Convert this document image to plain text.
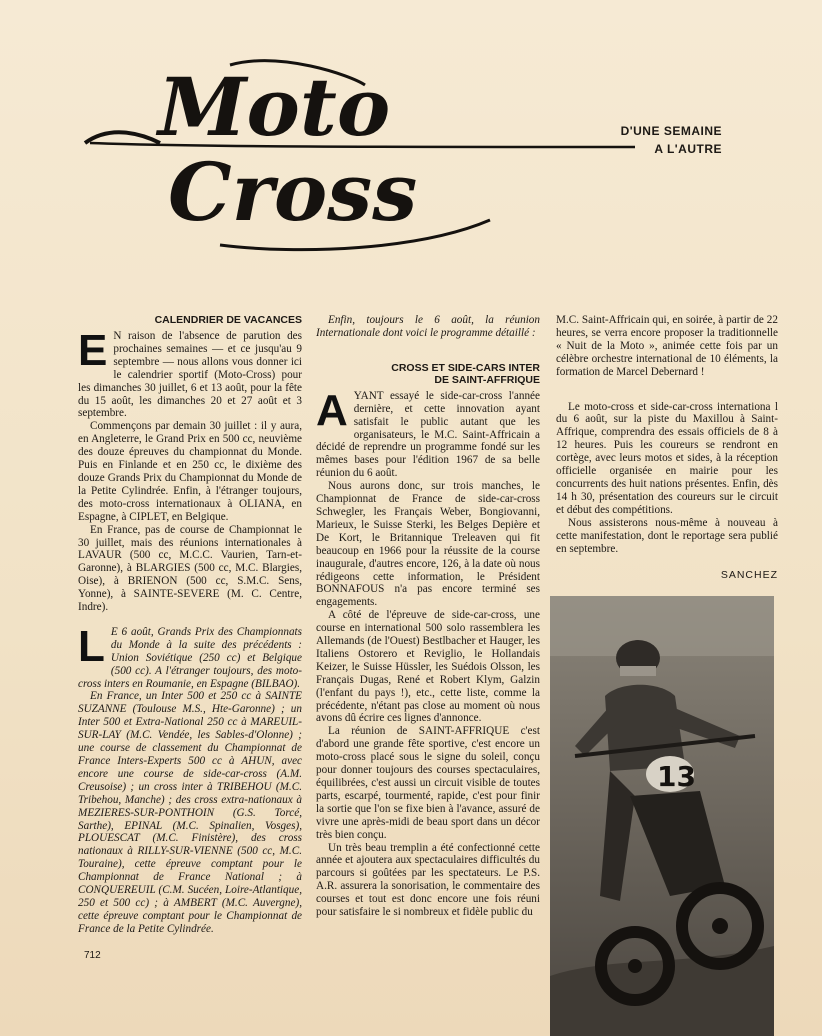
Moto
Cross
D'UNE SEMAINE
A L'AUTRE
CALENDRIER DE VACANCES

E N raison de l'absence de parution des prochaines semaines — et ce jusqu'au 9 septembre — nous allons vous donner ici le calendrier sportif (Moto-Cross) pour les dimanches 30 juillet, 6 et 13 août, pour la fête du 15 août, les dimanches 20 et 27 août et 3 septembre.

Commençons par demain 30 juillet : il y aura, en Angleterre, le Grand Prix en 500 cc, neuvième des douze épreuves du championnat du Monde. Puis en Finlande et en 250 cc, le dixième des douze Grands Prix du Championnat du Monde de la Petite Cylindrée. Enfin, à l'étranger toujours, des moto-cross internationaux à OLIANA, en Espagne, à CIPLET, en Belgique.

En France, pas de course de Championnat le 30 juillet, mais des réunions internationales à LAVAUR (500 cc, M.C.C. Vaurien, Tarn-et-Garonne), à BLARGIES (500 cc, M.C. Blargies, Oise), à BRIENON (500 cc, S.M.C. Sens, Yonne), à SAINTE-SEVERE (M. C. Centre, Indre).

L E 6 août, Grands Prix des Championnats du Monde à la suite des précédents : Union Soviétique (250 cc) et Belgique (500 cc). A l'étranger toujours, des moto-cross inters en Roumanie, en Espagne (BILBAO).

En France, un Inter 500 et 250 cc à SAINTE SUZANNE (Toulouse M.S., Hte-Garonne) ; un Inter 500 et Extra-National 250 cc à MAREUIL-SUR-LAY (M.C. Vendée, les Sables-d'Olonne) ; une course de classement du Championnat de France Inters-Experts 500 cc à AHUN, avec encore une course de side-car-cross (A.M. Creusoise) ; un cross inter à TRIBEHOU (M.C. Tribehou, Manche) ; des cross extra-nationaux à MEZIERES-SUR-PONTHOIN (G.S. Torcé, Sarthe), EPINAL (M.C. Spinalien, Vosges), PLOUESCAT (M.C. Finistère), des cross nationaux à RILLY-SUR-VIENNE (500 cc, M.C. Touraine), cette épreuve comptant pour le Championnat de France National ; à CONQUEREUIL (C.M. Sucéen, Loire-Atlantique, 250 et 500 cc) ; à AMBERT (M.C. Auvergne), cette épreuve comptant pour le Championnat de France de la Petite Cylindrée.

Enfin, toujours le 6 août, la réunion Internationale dont voici le programme détaillé :

CROSS ET SIDE-CARS INTER
DE SAINT-AFFRIQUE

AYANT essayé le side-car-cross l'année dernière, et cette innovation ayant satisfait le public autant que les organisateurs, le M.C. Saint-Affricain a décidé de reprendre un programme fondé sur les mêmes bases pour l'édition 1967 de sa belle réunion du 6 août.

Nous aurons donc, sur trois manches, le Championnat de France de side-car-cross Schwegler, les Français Weber, Bongiovanni, Marieux, le Suisse Sterki, les Belges Depière et De Kort, le Britannique Treleaven qui fit beaucoup en 1966 pour la réussite de la course inaugurale, d'autres encore, 126, à la date où nous rédigeons cette information, le Président BONNAFOUS n'a pas encore terminé ses engagements.

A côté de l'épreuve de side-car-cross, une course en international 500 solo rassemblera les Allemands (de l'Ouest) Bestlbacher et Hauger, les Italiens Ostorero et Reviglio, le Hollandais Keizer, le Suisse Hüssler, les Suédois Olsson, les Français Dugas, René et Robert Klym, Galzin (l'enfant du pays !), etc., cette liste, comme la précédente, n'étant pas close au moment où nous avons dû écrire ces lignes d'annonce.

La réunion de SAINT-AFFRIQUE c'est d'abord une grande fête sportive, c'est encore un moto-cross placé sous le signe du soleil, conçu pour donner toujours des courses spectaculaires, équilibrées, c'est aussi un circuit visible de toutes parts, escarpé, tourmenté, rapide, c'est pour finir la sortie que l'on se fixe bien à l'avance, assuré de vivre une après-midi de beau sport dans un décor très bien conçu.

Un très beau tremplin a été confectionné cette année et ajoutera aux spectaculaires difficultés du parcours si goûtées par les spectateurs. Le P.S. A.R. assurera la sonorisation, le commentaire des courses et tout est donc encore une fois réuni pour satisfaire le si nombreux et fidèle public du

M.C. Saint-Affricain qui, en soirée, à partir de 22 heures, se verra encore proposer la traditionnelle « Nuit de la Moto », animée cette fois par un célèbre orchestre international de 10 éléments, la formation de Marcel Debernard !

Le moto-cross et side-car-cross internationa l du 6 août, sur la piste du Maxillou à Saint-Affrique, comprendra des essais officiels de 8 à 12 heures. Puis les coureurs se rendront en cortège, avec leurs motos et sides, à la réception officielle organisée en mairie pour les concurrents des huit nations présentes. Enfin, dès 14 h 30, présentation des coureurs sur le circuit et début des compétitions.

Nous assisterons nous-même à nouveau à cette manifestation, dont le reportage sera publié en septembre.

SANCHEZ
13
712
